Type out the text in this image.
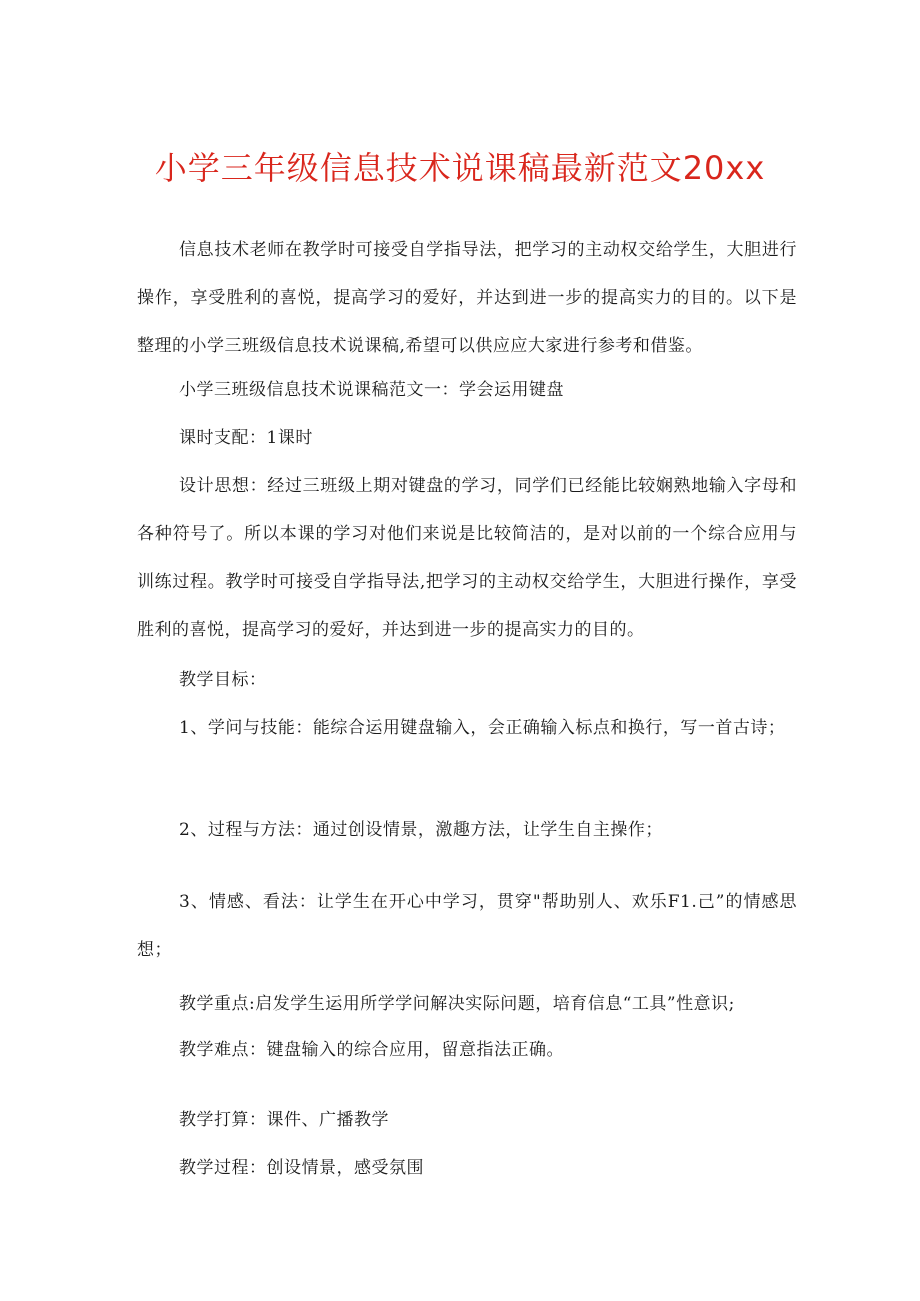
小学三年级信息技术说课稿最新范文20xx
信息技术老师在教学时可接受自学指导法，把学习的主动权交给学生，大胆进行操作，享受胜利的喜悦，提高学习的爱好，并达到进一步的提高实力的目的。以下是整理的小学三班级信息技术说课稿,希望可以供应应大家进行参考和借鉴。
小学三班级信息技术说课稿范文一：学会运用键盘
课时支配：1课时
设计思想：经过三班级上期对键盘的学习，同学们已经能比较娴熟地输入字母和各种符号了。所以本课的学习对他们来说是比较简洁的，是对以前的一个综合应用与训练过程。教学时可接受自学指导法,把学习的主动权交给学生，大胆进行操作，享受胜利的喜悦，提高学习的爱好，并达到进一步的提高实力的目的。
教学目标：
1、学问与技能：能综合运用键盘输入，会正确输入标点和换行，写一首古诗；
2、过程与方法：通过创设情景，激趣方法，让学生自主操作；
3、情感、看法：让学生在开心中学习，贯穿"帮助别人、欢乐F1.己”的情感思想；
教学重点:启发学生运用所学学问解决实际问题，培育信息“工具”性意识;
教学难点：键盘输入的综合应用，留意指法正确。
教学打算：课件、广播教学
教学过程：创设情景，感受氛围
